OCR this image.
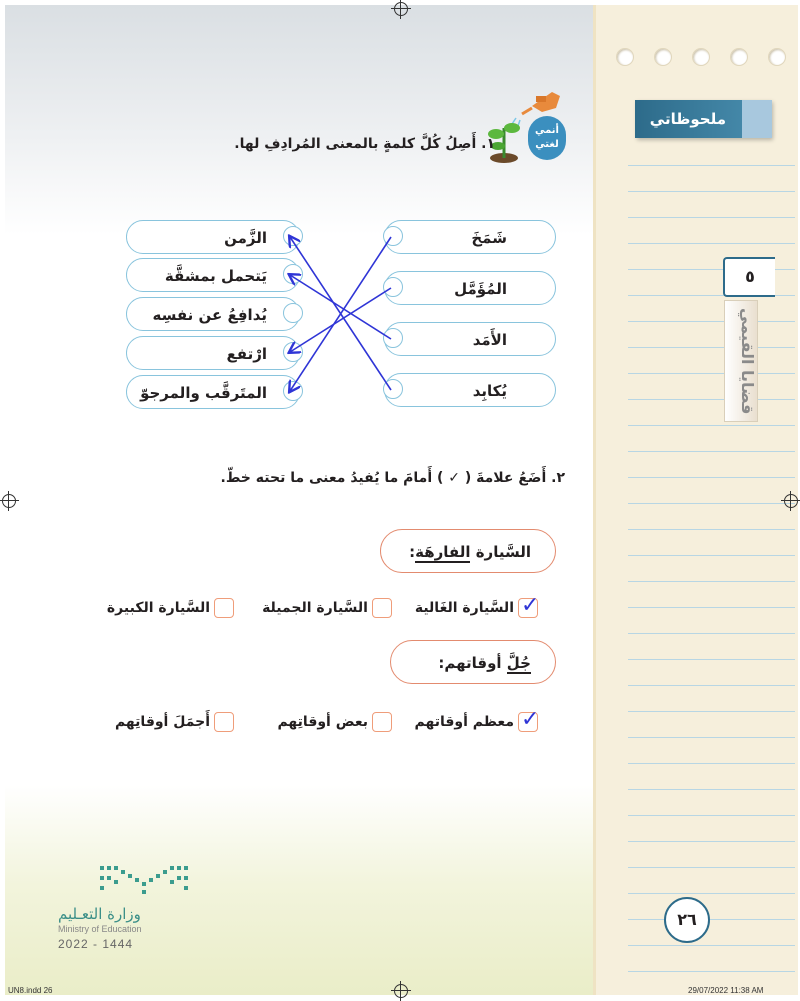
ملحوظاتي
٥
قضايا القيمي
٢٦
أنمي لغتي
١. أَصِلُ كُلَّ كلمةٍ بالمعنى المُرادِفِ لها.
شَمَخَ
المُؤَمَّل
الأَمَد
يُكابِد
الزَّمن
يَتحمل بمشقَّة
يُدافِعُ عن نفسِه
ارْتفع
المتَرقَّب والمرجوّ
٢. أَضَعُ علامةَ ( ✓ ) أَمامَ ما يُفيدُ معنى ما تحته خطّ.
السَّيارة الفارِهَة:
✓
السَّيارة الغَالية
السَّيارة الجميلة
السَّيارة الكبيرة
جُلَّ أوقاتهم:
✓
معظم أوقاتهم
بعض أوقاتِهم
أَجمَلَ أوقاتِهم
وزارة التعـليم
Ministry of Education
2022 - 1444
UN8.indd 26	29/07/2022 11:38 AM
